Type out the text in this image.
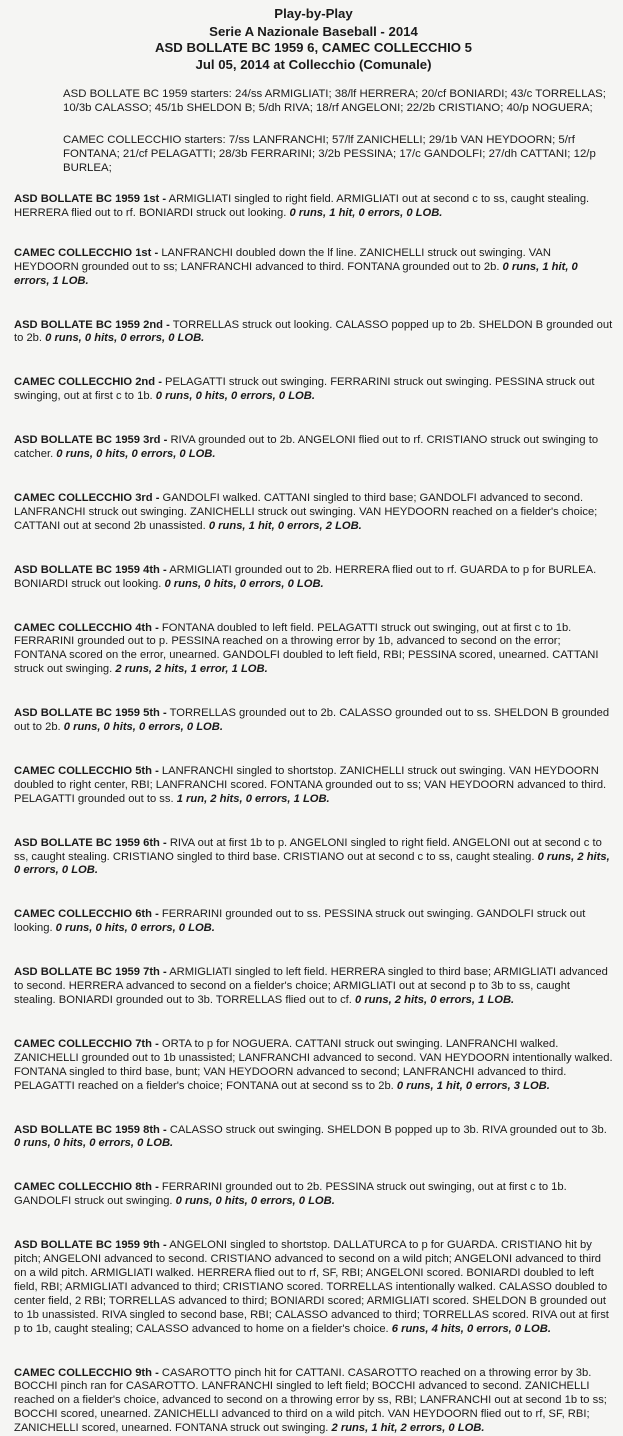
Play-by-Play
Serie A Nazionale Baseball - 2014
ASD BOLLATE BC 1959 6, CAMEC COLLECCHIO 5
Jul 05, 2014 at Collecchio (Comunale)

ASD BOLLATE BC 1959 starters: 24/ss ARMIGLIATI; 38/lf HERRERA; 20/cf BONIARDI; 43/c TORRELLAS; 10/3b CALASSO; 45/1b SHELDON B; 5/dh RIVA; 18/rf ANGELONI; 22/2b CRISTIANO; 40/p NOGUERA;

CAMEC COLLECCHIO starters: 7/ss LANFRANCHI; 57/lf ZANICHELLI; 29/1b VAN HEYDOORN; 5/rf FONTANA; 21/cf PELAGATTI; 28/3b FERRARINI; 3/2b PESSINA; 17/c GANDOLFI; 27/dh CATTANI; 12/p BURLEA;

ASD BOLLATE BC 1959 1st - ARMIGLIATI singled to right field. ARMIGLIATI out at second c to ss, caught stealing. HERRERA flied out to rf. BONIARDI struck out looking. 0 runs, 1 hit, 0 errors, 0 LOB.

CAMEC COLLECCHIO 1st - LANFRANCHI doubled down the lf line. ZANICHELLI struck out swinging. VAN HEYDOORN grounded out to ss; LANFRANCHI advanced to third. FONTANA grounded out to 2b. 0 runs, 1 hit, 0 errors, 1 LOB.

ASD BOLLATE BC 1959 2nd - TORRELLAS struck out looking. CALASSO popped up to 2b. SHELDON B grounded out to 2b. 0 runs, 0 hits, 0 errors, 0 LOB.

CAMEC COLLECCHIO 2nd - PELAGATTI struck out swinging. FERRARINI struck out swinging. PESSINA struck out swinging, out at first c to 1b. 0 runs, 0 hits, 0 errors, 0 LOB.

ASD BOLLATE BC 1959 3rd - RIVA grounded out to 2b. ANGELONI flied out to rf. CRISTIANO struck out swinging to catcher. 0 runs, 0 hits, 0 errors, 0 LOB.

CAMEC COLLECCHIO 3rd - GANDOLFI walked. CATTANI singled to third base; GANDOLFI advanced to second. LANFRANCHI struck out swinging. ZANICHELLI struck out swinging. VAN HEYDOORN reached on a fielder's choice; CATTANI out at second 2b unassisted. 0 runs, 1 hit, 0 errors, 2 LOB.

ASD BOLLATE BC 1959 4th - ARMIGLIATI grounded out to 2b. HERRERA flied out to rf. GUARDA to p for BURLEA. BONIARDI struck out looking. 0 runs, 0 hits, 0 errors, 0 LOB.

CAMEC COLLECCHIO 4th - FONTANA doubled to left field. PELAGATTI struck out swinging, out at first c to 1b. FERRARINI grounded out to p. PESSINA reached on a throwing error by 1b, advanced to second on the error; FONTANA scored on the error, unearned. GANDOLFI doubled to left field, RBI; PESSINA scored, unearned. CATTANI struck out swinging. 2 runs, 2 hits, 1 error, 1 LOB.

ASD BOLLATE BC 1959 5th - TORRELLAS grounded out to 2b. CALASSO grounded out to ss. SHELDON B grounded out to 2b. 0 runs, 0 hits, 0 errors, 0 LOB.

CAMEC COLLECCHIO 5th - LANFRANCHI singled to shortstop. ZANICHELLI struck out swinging. VAN HEYDOORN doubled to right center, RBI; LANFRANCHI scored. FONTANA grounded out to ss; VAN HEYDOORN advanced to third. PELAGATTI grounded out to ss. 1 run, 2 hits, 0 errors, 1 LOB.

ASD BOLLATE BC 1959 6th - RIVA out at first 1b to p. ANGELONI singled to right field. ANGELONI out at second c to ss, caught stealing. CRISTIANO singled to third base. CRISTIANO out at second c to ss, caught stealing. 0 runs, 2 hits, 0 errors, 0 LOB.

CAMEC COLLECCHIO 6th - FERRARINI grounded out to ss. PESSINA struck out swinging. GANDOLFI struck out looking. 0 runs, 0 hits, 0 errors, 0 LOB.

ASD BOLLATE BC 1959 7th - ARMIGLIATI singled to left field. HERRERA singled to third base; ARMIGLIATI advanced to second. HERRERA advanced to second on a fielder's choice; ARMIGLIATI out at second p to 3b to ss, caught stealing. BONIARDI grounded out to 3b. TORRELLAS flied out to cf. 0 runs, 2 hits, 0 errors, 1 LOB.

CAMEC COLLECCHIO 7th - ORTA to p for NOGUERA. CATTANI struck out swinging. LANFRANCHI walked. ZANICHELLI grounded out to 1b unassisted; LANFRANCHI advanced to second. VAN HEYDOORN intentionally walked. FONTANA singled to third base, bunt; VAN HEYDOORN advanced to second; LANFRANCHI advanced to third. PELAGATTI reached on a fielder's choice; FONTANA out at second ss to 2b. 0 runs, 1 hit, 0 errors, 3 LOB.

ASD BOLLATE BC 1959 8th - CALASSO struck out swinging. SHELDON B popped up to 3b. RIVA grounded out to 3b. 0 runs, 0 hits, 0 errors, 0 LOB.

CAMEC COLLECCHIO 8th - FERRARINI grounded out to 2b. PESSINA struck out swinging, out at first c to 1b. GANDOLFI struck out swinging. 0 runs, 0 hits, 0 errors, 0 LOB.

ASD BOLLATE BC 1959 9th - ANGELONI singled to shortstop. DALLATURCA to p for GUARDA. CRISTIANO hit by pitch; ANGELONI advanced to second. CRISTIANO advanced to second on a wild pitch; ANGELONI advanced to third on a wild pitch. ARMIGLIATI walked. HERRERA flied out to rf, SF, RBI; ANGELONI scored. BONIARDI doubled to left field, RBI; ARMIGLIATI advanced to third; CRISTIANO scored. TORRELLAS intentionally walked. CALASSO doubled to center field, 2 RBI; TORRELLAS advanced to third; BONIARDI scored; ARMIGLIATI scored. SHELDON B grounded out to 1b unassisted. RIVA singled to second base, RBI; CALASSO advanced to third; TORRELLAS scored. RIVA out at first p to 1b, caught stealing; CALASSO advanced to home on a fielder's choice. 6 runs, 4 hits, 0 errors, 0 LOB.

CAMEC COLLECCHIO 9th - CASAROTTO pinch hit for CATTANI. CASAROTTO reached on a throwing error by 3b. BOCCHI pinch ran for CASAROTTO. LANFRANCHI singled to left field; BOCCHI advanced to second. ZANICHELLI reached on a fielder's choice, advanced to second on a throwing error by ss, RBI; LANFRANCHI out at second 1b to ss; BOCCHI scored, unearned. ZANICHELLI advanced to third on a wild pitch. VAN HEYDOORN flied out to rf, SF, RBI; ZANICHELLI scored, unearned. FONTANA struck out swinging. 2 runs, 1 hit, 2 errors, 0 LOB.
